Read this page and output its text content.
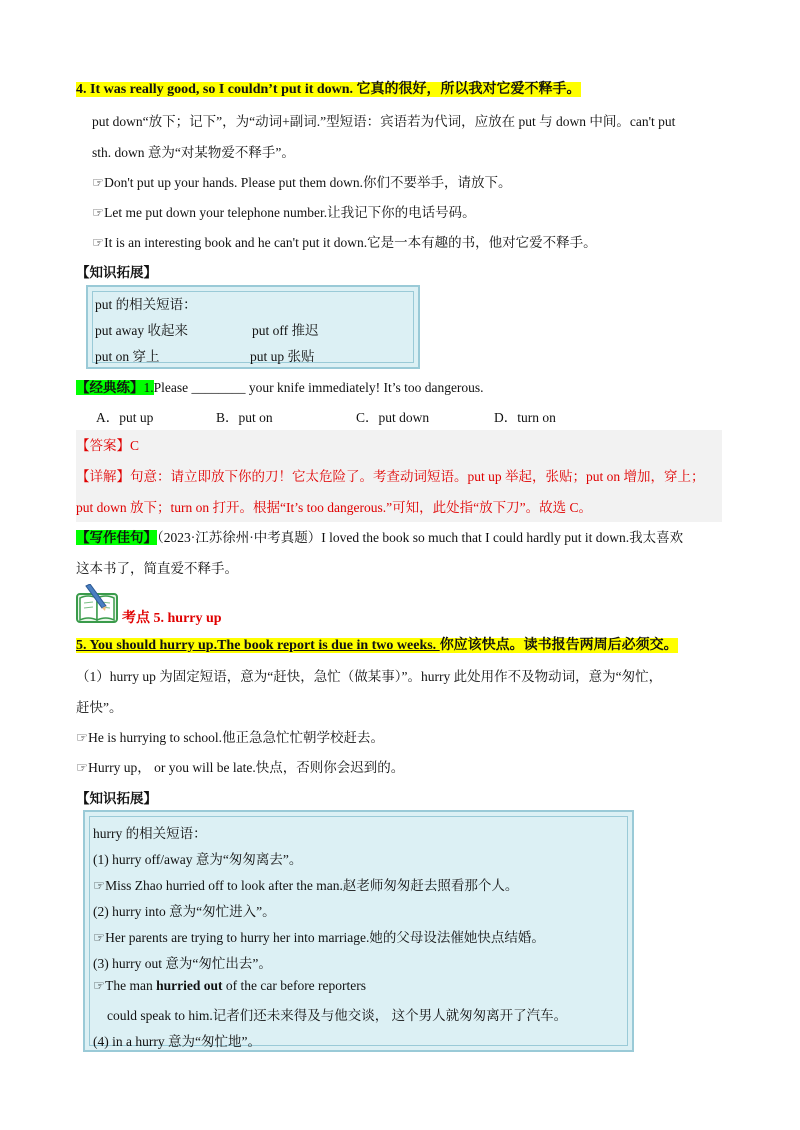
4. It was really good, so I couldn’t put it down. 它真的很好，所以我对它爱不释手。
put down“放下；记下”，为“动词+副词.”型短语：宾语若为代词，应放在 put 与 down 中间。can't put
sth. down 意为“对某物爱不释手”。
☞Don't put up your hands. Please put them down.你们不要举手，请放下。
☞Let me put down your telephone number.让我记下你的电话号码。
☞It is an interesting book and he can't put it down.它是一本有趣的书，他对它爱不释手。
【知识拓展】
put 的相关短语：
put away 收起来	put off 推迟
put on 穿上	put up 张贴
【经典练】1.Please ________ your knife immediately! It’s too dangerous.
A．put up	B．put on	C．put down	D．turn on
【答案】C
【详解】句意：请立即放下你的刀！它太危险了。考查动词短语。put up 举起，张贴；put on 增加，穿上；
put down 放下；turn on 打开。根据“It’s too dangerous.”可知，此处指“放下刀”。故选 C。
【写作佳句】（2023·江苏徐州·中考真题）I loved the book so much that I could hardly put it down.我太喜欢
这本书了，简直爱不释手。
考点 5. hurry up
5. You should hurry up.The book report is due in two weeks. 你应该快点。读书报告两周后必须交。
（1）hurry up 为固定短语，意为“赶快，急忙（做某事）”。hurry 此处用作不及物动词，意为“匆忙，
赶快”。
☞He is hurrying to school.他正急急忙忙朝学校赶去。
☞Hurry up， or you will be late.快点，否则你会迟到的。
【知识拓展】
hurry 的相关短语：
(1) hurry off/away 意为“匆匆离去”。
☞Miss Zhao hurried off to look after the man.赵老师匆匆赶去照看那个人。
(2) hurry into 意为“匆忙进入”。
☞Her parents are trying to hurry her into marriage.她的父母设法催她快点结婚。
(3) hurry out 意为“匆忙出去”。
☞The man hurried out of the car before reporters
could speak to him.记者们还未来得及与他交谈， 这个男人就匆匆离开了汽车。
(4) in a hurry 意为“匆忙地”。
